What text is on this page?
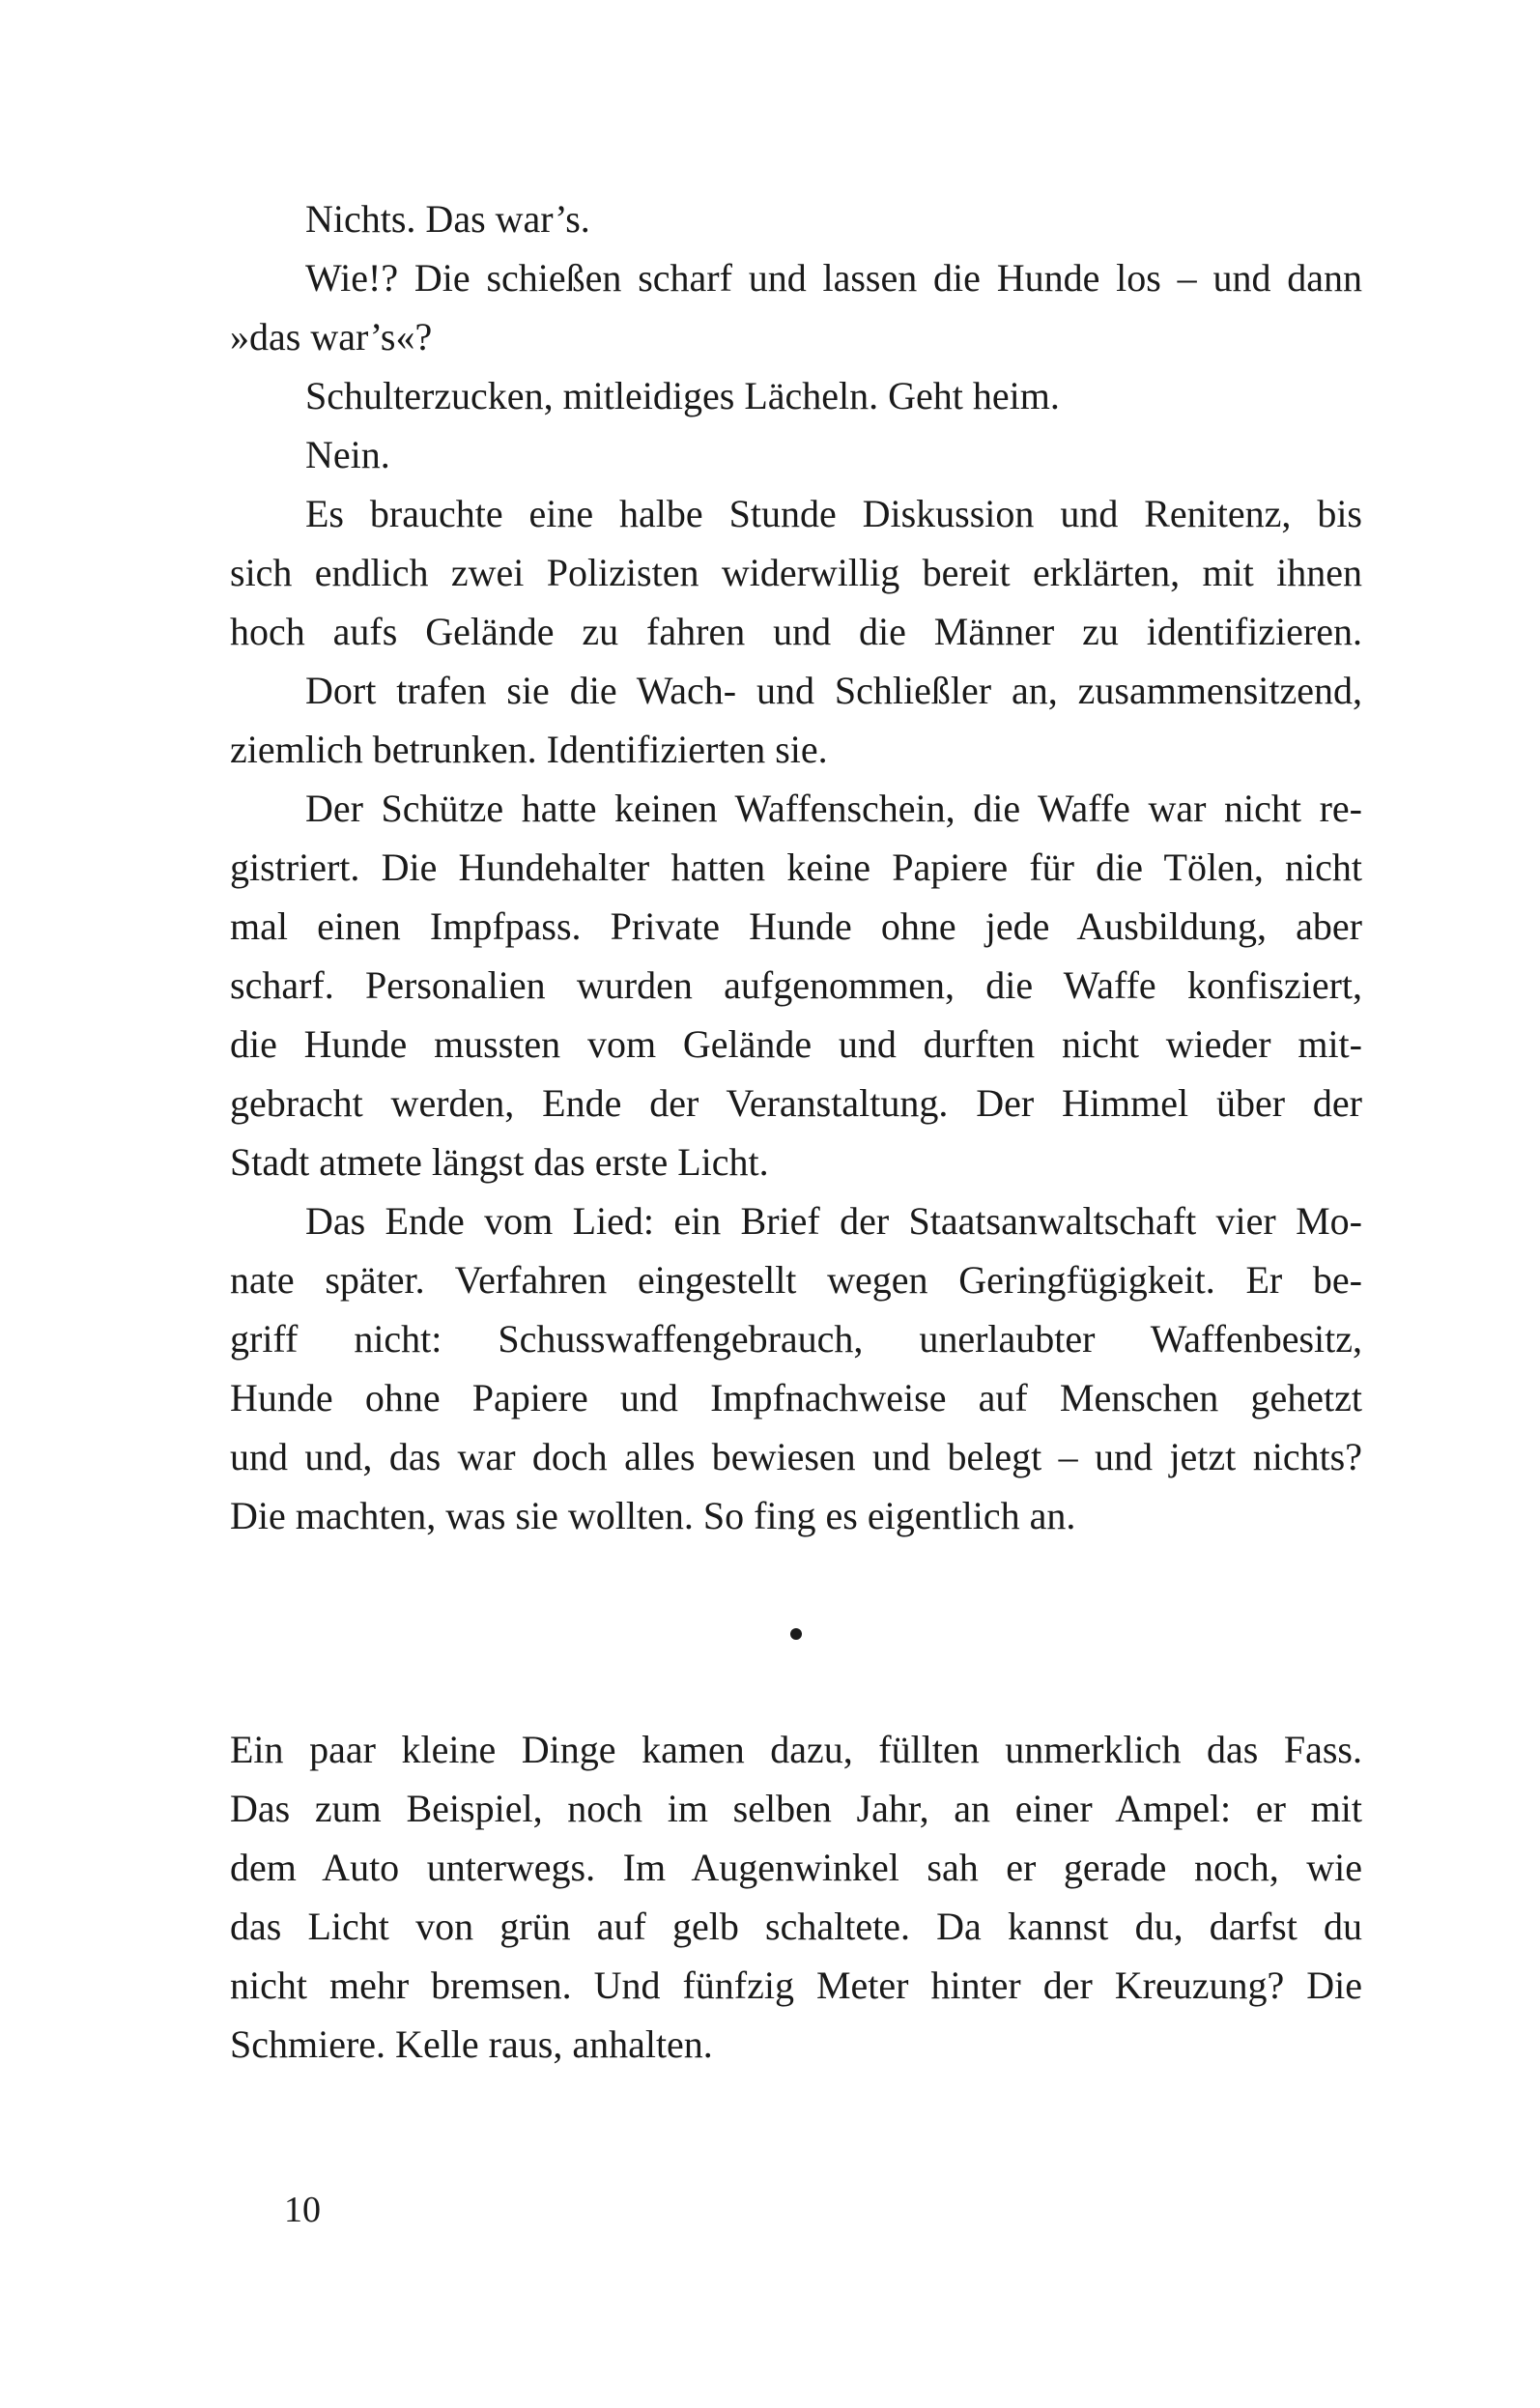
Nichts. Das war’s.
Wie!? Die schießen scharf und lassen die Hunde los – und dann
»das war’s«?
Schulterzucken, mitleidiges Lächeln. Geht heim.
Nein.
Es brauchte eine halbe Stunde Diskussion und Renitenz, bis
sich endlich zwei Polizisten widerwillig bereit erklärten, mit ihnen
hoch aufs Gelände zu fahren und die Männer zu identifizieren.
Dort trafen sie die Wach- und Schließler an, zusammensitzend,
ziemlich betrunken. Identifizierten sie.
Der Schütze hatte keinen Waffenschein, die Waffe war nicht re-
gistriert. Die Hundehalter hatten keine Papiere für die Tölen, nicht
mal einen Impfpass. Private Hunde ohne jede Ausbildung, aber
scharf. Personalien wurden aufgenommen, die Waffe konfisziert,
die Hunde mussten vom Gelände und durften nicht wieder mit-
gebracht werden, Ende der Veranstaltung. Der Himmel über der
Stadt atmete längst das erste Licht.
Das Ende vom Lied: ein Brief der Staatsanwaltschaft vier Mo-
nate später. Verfahren eingestellt wegen Geringfügigkeit. Er be-
griff nicht: Schusswaffengebrauch, unerlaubter Waffenbesitz,
Hunde ohne Papiere und Impfnachweise auf Menschen gehetzt
und und, das war doch alles bewiesen und belegt – und jetzt nichts?
Die machten, was sie wollten. So fing es eigentlich an.
Ein paar kleine Dinge kamen dazu, füllten unmerklich das Fass.
Das zum Beispiel, noch im selben Jahr, an einer Ampel: er mit
dem Auto unterwegs. Im Augenwinkel sah er gerade noch, wie
das Licht von grün auf gelb schaltete. Da kannst du, darfst du
nicht mehr bremsen. Und fünfzig Meter hinter der Kreuzung? Die
Schmiere. Kelle raus, anhalten.
10
